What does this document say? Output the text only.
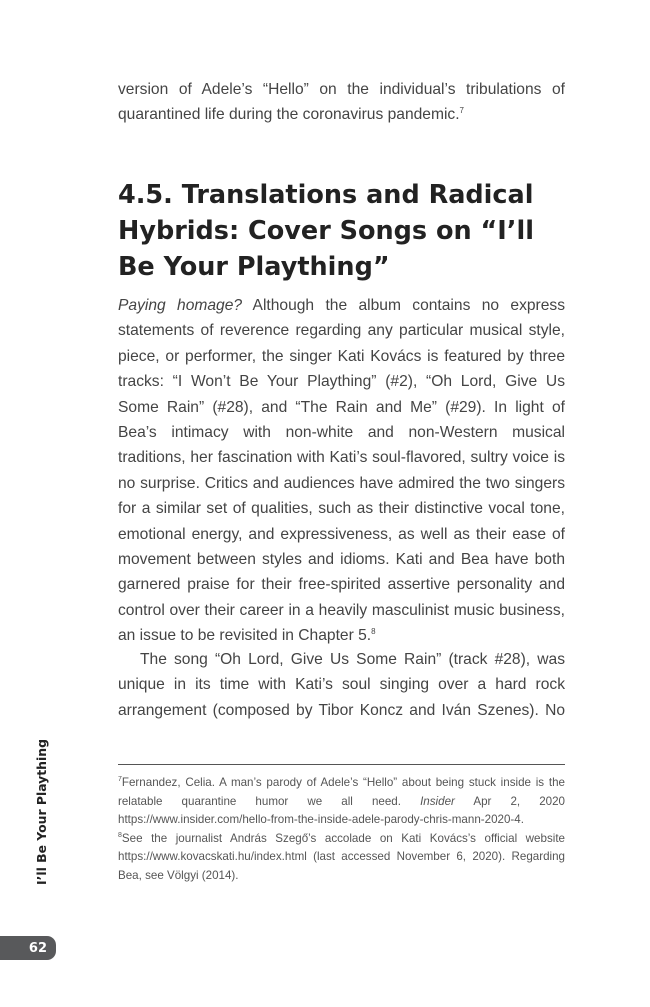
version of Adele’s “Hello” on the individual’s tribulations of quarantined life during the coronavirus pandemic.$^7$
4.5. Translations and Radical Hybrids: Cover Songs on “I’ll Be Your Plaything”
Paying homage? Although the album contains no express statements of reverence regarding any particular musical style, piece, or performer, the singer Kati Kovács is featured by three tracks: “I Won’t Be Your Plaything” (#2), “Oh Lord, Give Us Some Rain” (#28), and “The Rain and Me” (#29). In light of Bea’s intimacy with non-white and non-Western musical traditions, her fascination with Kati’s soul-flavored, sultry voice is no surprise. Critics and audiences have admired the two singers for a similar set of qualities, such as their distinctive vocal tone, emotional energy, and expressiveness, as well as their ease of movement between styles and idioms. Kati and Bea have both garnered praise for their free-spirited assertive personality and control over their career in a heavily masculinist music business, an issue to be revisited in Chapter 5.$^8$
The song “Oh Lord, Give Us Some Rain” (track #28), was unique in its time with Kati’s soul singing over a hard rock arrangement (composed by Tibor Koncz and Iván Szenes). No
$^7$Fernandez, Celia. A man’s parody of Adele’s “Hello” about being stuck inside is the relatable quarantine humor we all need. Insider Apr 2, 2020 https://www.insider.com/hello-from-the-inside-adele-parody-chris-mann-2020-4.
$^8$See the journalist András Szegő’s accolade on Kati Kovács’s official website https://www.kovacskati.hu/index.html (last accessed November 6, 2020). Regarding Bea, see Völgyi (2014).
I’ll Be Your Plaything
62
